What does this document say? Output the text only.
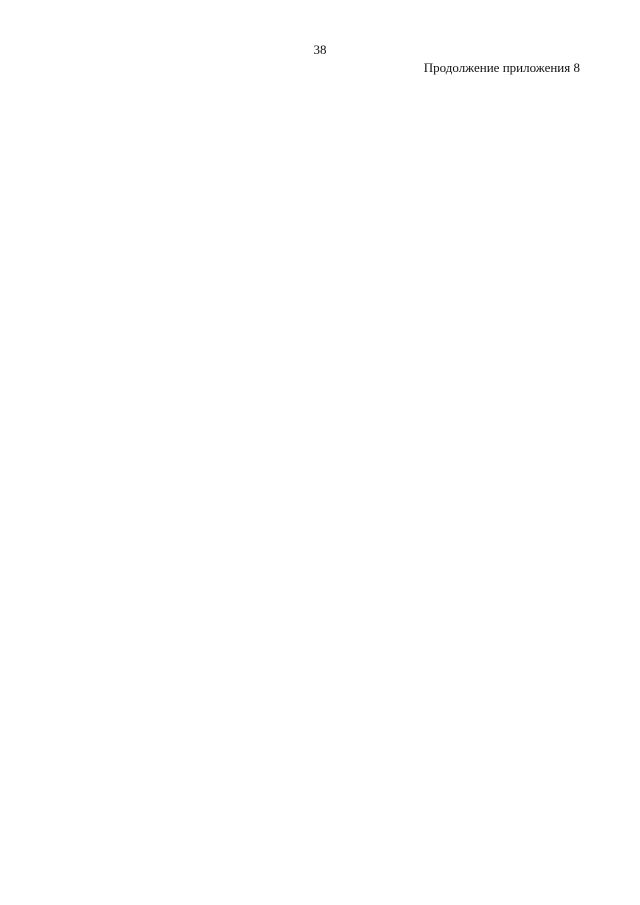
38
Продолжение приложения 8
